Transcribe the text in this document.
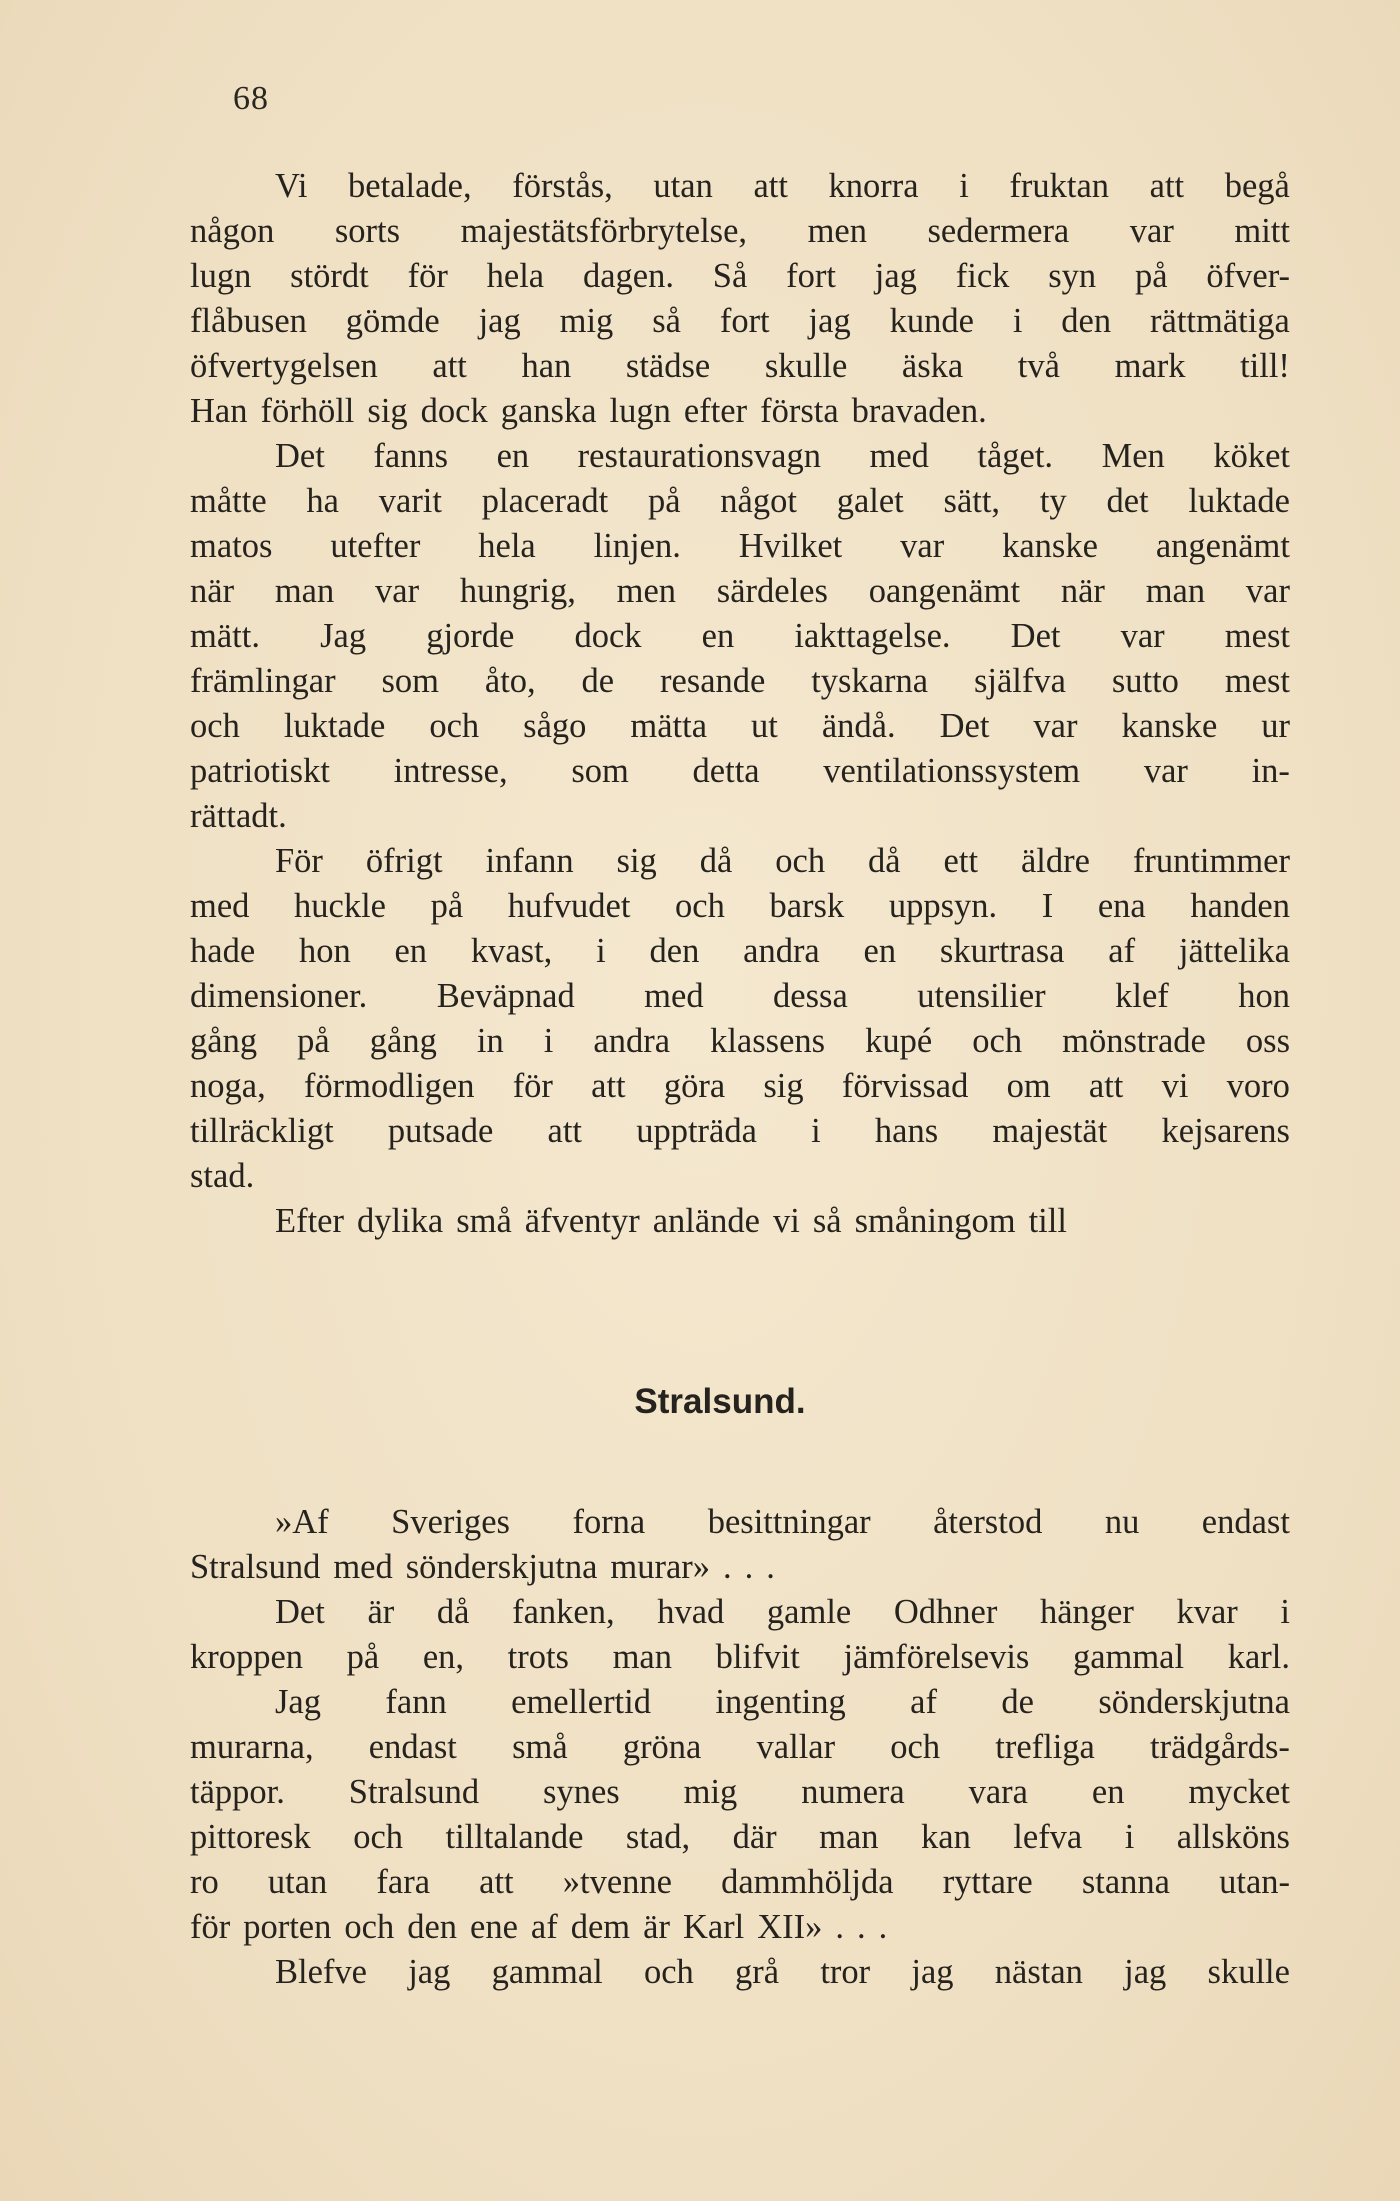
68
Vi betalade, förstås, utan att knorra i fruktan att begå
någon sorts majestätsförbrytelse, men sedermera var mitt
lugn stördt för hela dagen. Så fort jag fick syn på öfver-
flåbusen gömde jag mig så fort jag kunde i den rättmätiga
öfvertygelsen att han städse skulle äska två mark till!
Han förhöll sig dock ganska lugn efter första bravaden.
Det fanns en restaurationsvagn med tåget. Men köket
måtte ha varit placeradt på något galet sätt, ty det luktade
matos utefter hela linjen. Hvilket var kanske angenämt
när man var hungrig, men särdeles oangenämt när man var
mätt. Jag gjorde dock en iakttagelse. Det var mest
främlingar som åto, de resande tyskarna själfva sutto mest
och luktade och sågo mätta ut ändå. Det var kanske ur
patriotiskt intresse, som detta ventilationssystem var in-
rättadt.
För öfrigt infann sig då och då ett äldre fruntimmer
med huckle på hufvudet och barsk uppsyn. I ena handen
hade hon en kvast, i den andra en skurtrasa af jättelika
dimensioner. Beväpnad med dessa utensilier klef hon
gång på gång in i andra klassens kupé och mönstrade oss
noga, förmodligen för att göra sig förvissad om att vi voro
tillräckligt putsade att uppträda i hans majestät kejsarens
stad.
Efter dylika små äfventyr anlände vi så småningom till
Stralsund.
»Af Sveriges forna besittningar återstod nu endast
Stralsund med sönderskjutna murar» . . .
Det är då fanken, hvad gamle Odhner hänger kvar i
kroppen på en, trots man blifvit jämförelsevis gammal karl.
Jag fann emellertid ingenting af de sönderskjutna
murarna, endast små gröna vallar och trefliga trädgårds-
täppor. Stralsund synes mig numera vara en mycket
pittoresk och tilltalande stad, där man kan lefva i allsköns
ro utan fara att »tvenne dammhöljda ryttare stanna utan-
för porten och den ene af dem är Karl XII» . . .
Blefve jag gammal och grå tror jag nästan jag skulle
